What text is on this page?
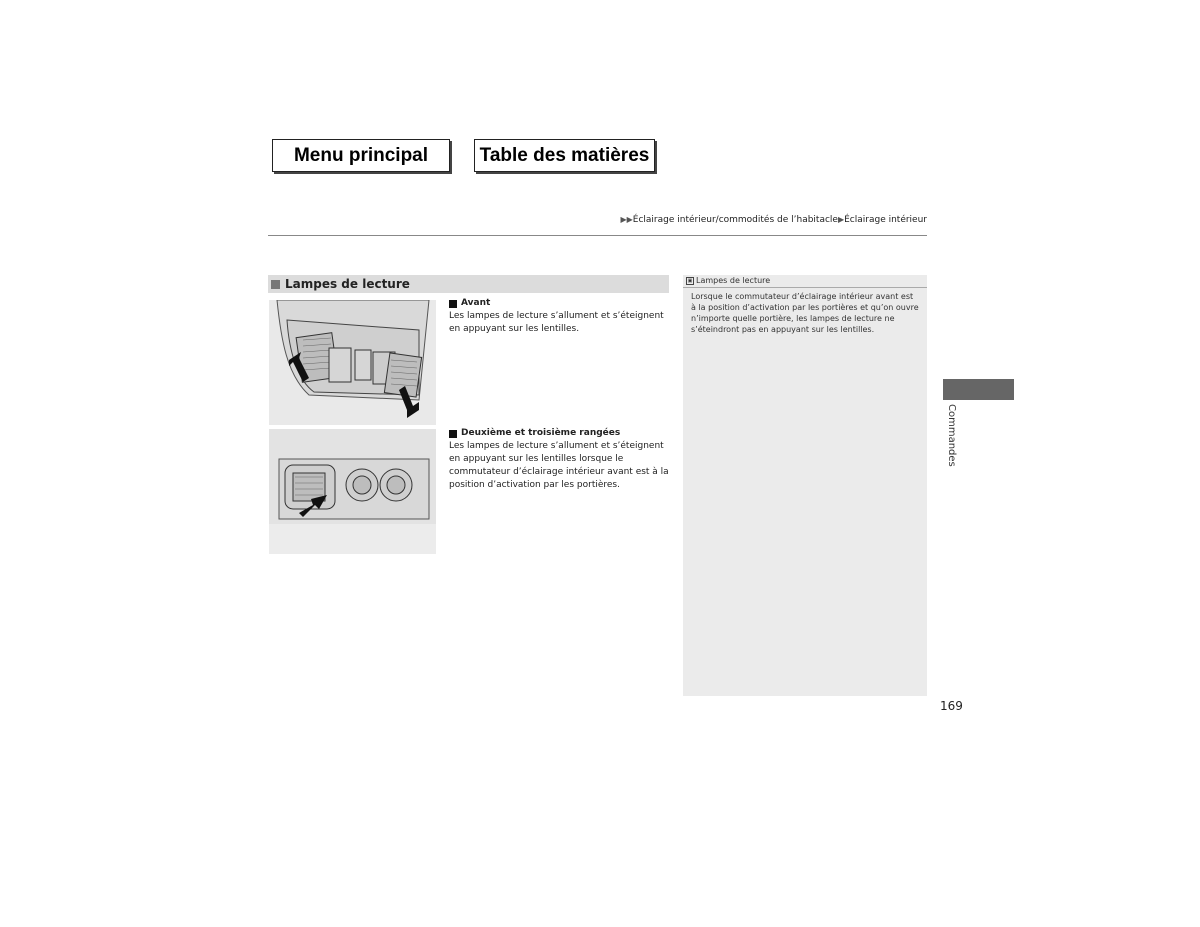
Menu principal	Table des matières
▶▶Éclairage intérieur/commodités de l’habitacle▶Éclairage intérieur
Lampes de lecture
Avant
Les lampes de lecture s’allument et s’éteignent en appuyant sur les lentilles.
Deuxième et troisième rangées
Les lampes de lecture s’allument et s’éteignent en appuyant sur les lentilles lorsque le commutateur d’éclairage intérieur avant est à la position d’activation par les portières.
▣ Lampes de lecture
Lorsque le commutateur d’éclairage intérieur avant est à la position d’activation par les portières et qu’on ouvre n’importe quelle portière, les lampes de lecture ne s’éteindront pas en appuyant sur les lentilles.
Commandes
169
